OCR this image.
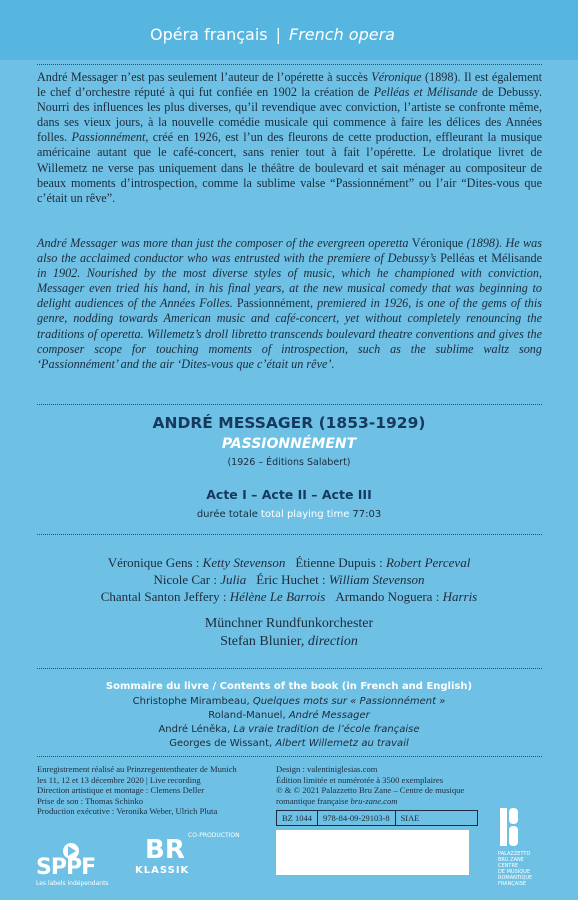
Opéra français | French opera
André Messager n’est pas seulement l’auteur de l’opérette à succès Véronique (1898). Il est également le chef d’orchestre réputé à qui fut confiée en 1902 la création de Pelléas et Mélisande de Debussy. Nourri des influences les plus diverses, qu’il revendique avec conviction, l’artiste se confronte même, dans ses vieux jours, à la nouvelle comédie musicale qui commence à faire les délices des Années folles. Passionnément, créé en 1926, est l’un des fleurons de cette production, effleurant la musique américaine autant que le café-concert, sans renier tout à fait l’opérette. Le drolatique livret de Willemetz ne verse pas uniquement dans le théâtre de boulevard et sait ménager au compositeur de beaux moments d’introspection, comme la sublime valse “Passionnément” ou l’air “Dites-vous que c’était un rêve”.
André Messager was more than just the composer of the evergreen operetta Véronique (1898). He was also the acclaimed conductor who was entrusted with the premiere of Debussy’s Pelléas et Mélisande in 1902. Nourished by the most diverse styles of music, which he championed with conviction, Messager even tried his hand, in his final years, at the new musical comedy that was beginning to delight audiences of the Années Folles. Passionnément, premiered in 1926, is one of the gems of this genre, nodding towards American music and café-concert, yet without completely renouncing the traditions of operetta. Willemetz’s droll libretto transcends boulevard theatre conventions and gives the composer scope for touching moments of introspection, such as the sublime waltz song ‘Passionnément’ and the air ‘Dites-vous que c’était un rêve’.
ANDRÉ MESSAGER (1853-1929)
PASSIONNÉMENT
(1926 – Éditions Salabert)
Acte I – Acte II – Acte III
durée totale total playing time 77:03
Véronique Gens : Ketty Stevenson Étienne Dupuis : Robert Perceval
Nicole Car : Julia Éric Huchet : William Stevenson
Chantal Santon Jeffery : Hélène Le Barrois Armando Noguera : Harris
Münchner Rundfunkorchester
Stefan Blunier, direction
Sommaire du livre / Contents of the book (in French and English)
Christophe Mirambeau, Quelques mots sur « Passionnément »
Roland-Manuel, André Messager
André Léněka, La vraie tradition de l’école française
Georges de Wissant, Albert Willemetz au travail
Enregistrement réalisé au Prinzregententheater de Munich
les 11, 12 et 13 décembre 2020 | Live recording
Direction artistique et montage : Clemens Deller
Prise de son : Thomas Schinko
Production exécutive : Veronika Weber, Ulrich Pluta
Design : valentiniglesias.com
Édition limitée et numérotée à 3500 exemplaires
℗ & © 2021 Palazzetto Bru Zane – Centre de musique
romantique française bru-zane.com
BZ 1044	978-84-09-29103-8	SIAE
CO-PRODUCTION
SPPF
Les labels indépendants
BR
KLASSIK
PALAZZETTO
BRU ZANE
CENTRE
DE MUSIQUE
ROMANTIQUE
FRANÇAISE
